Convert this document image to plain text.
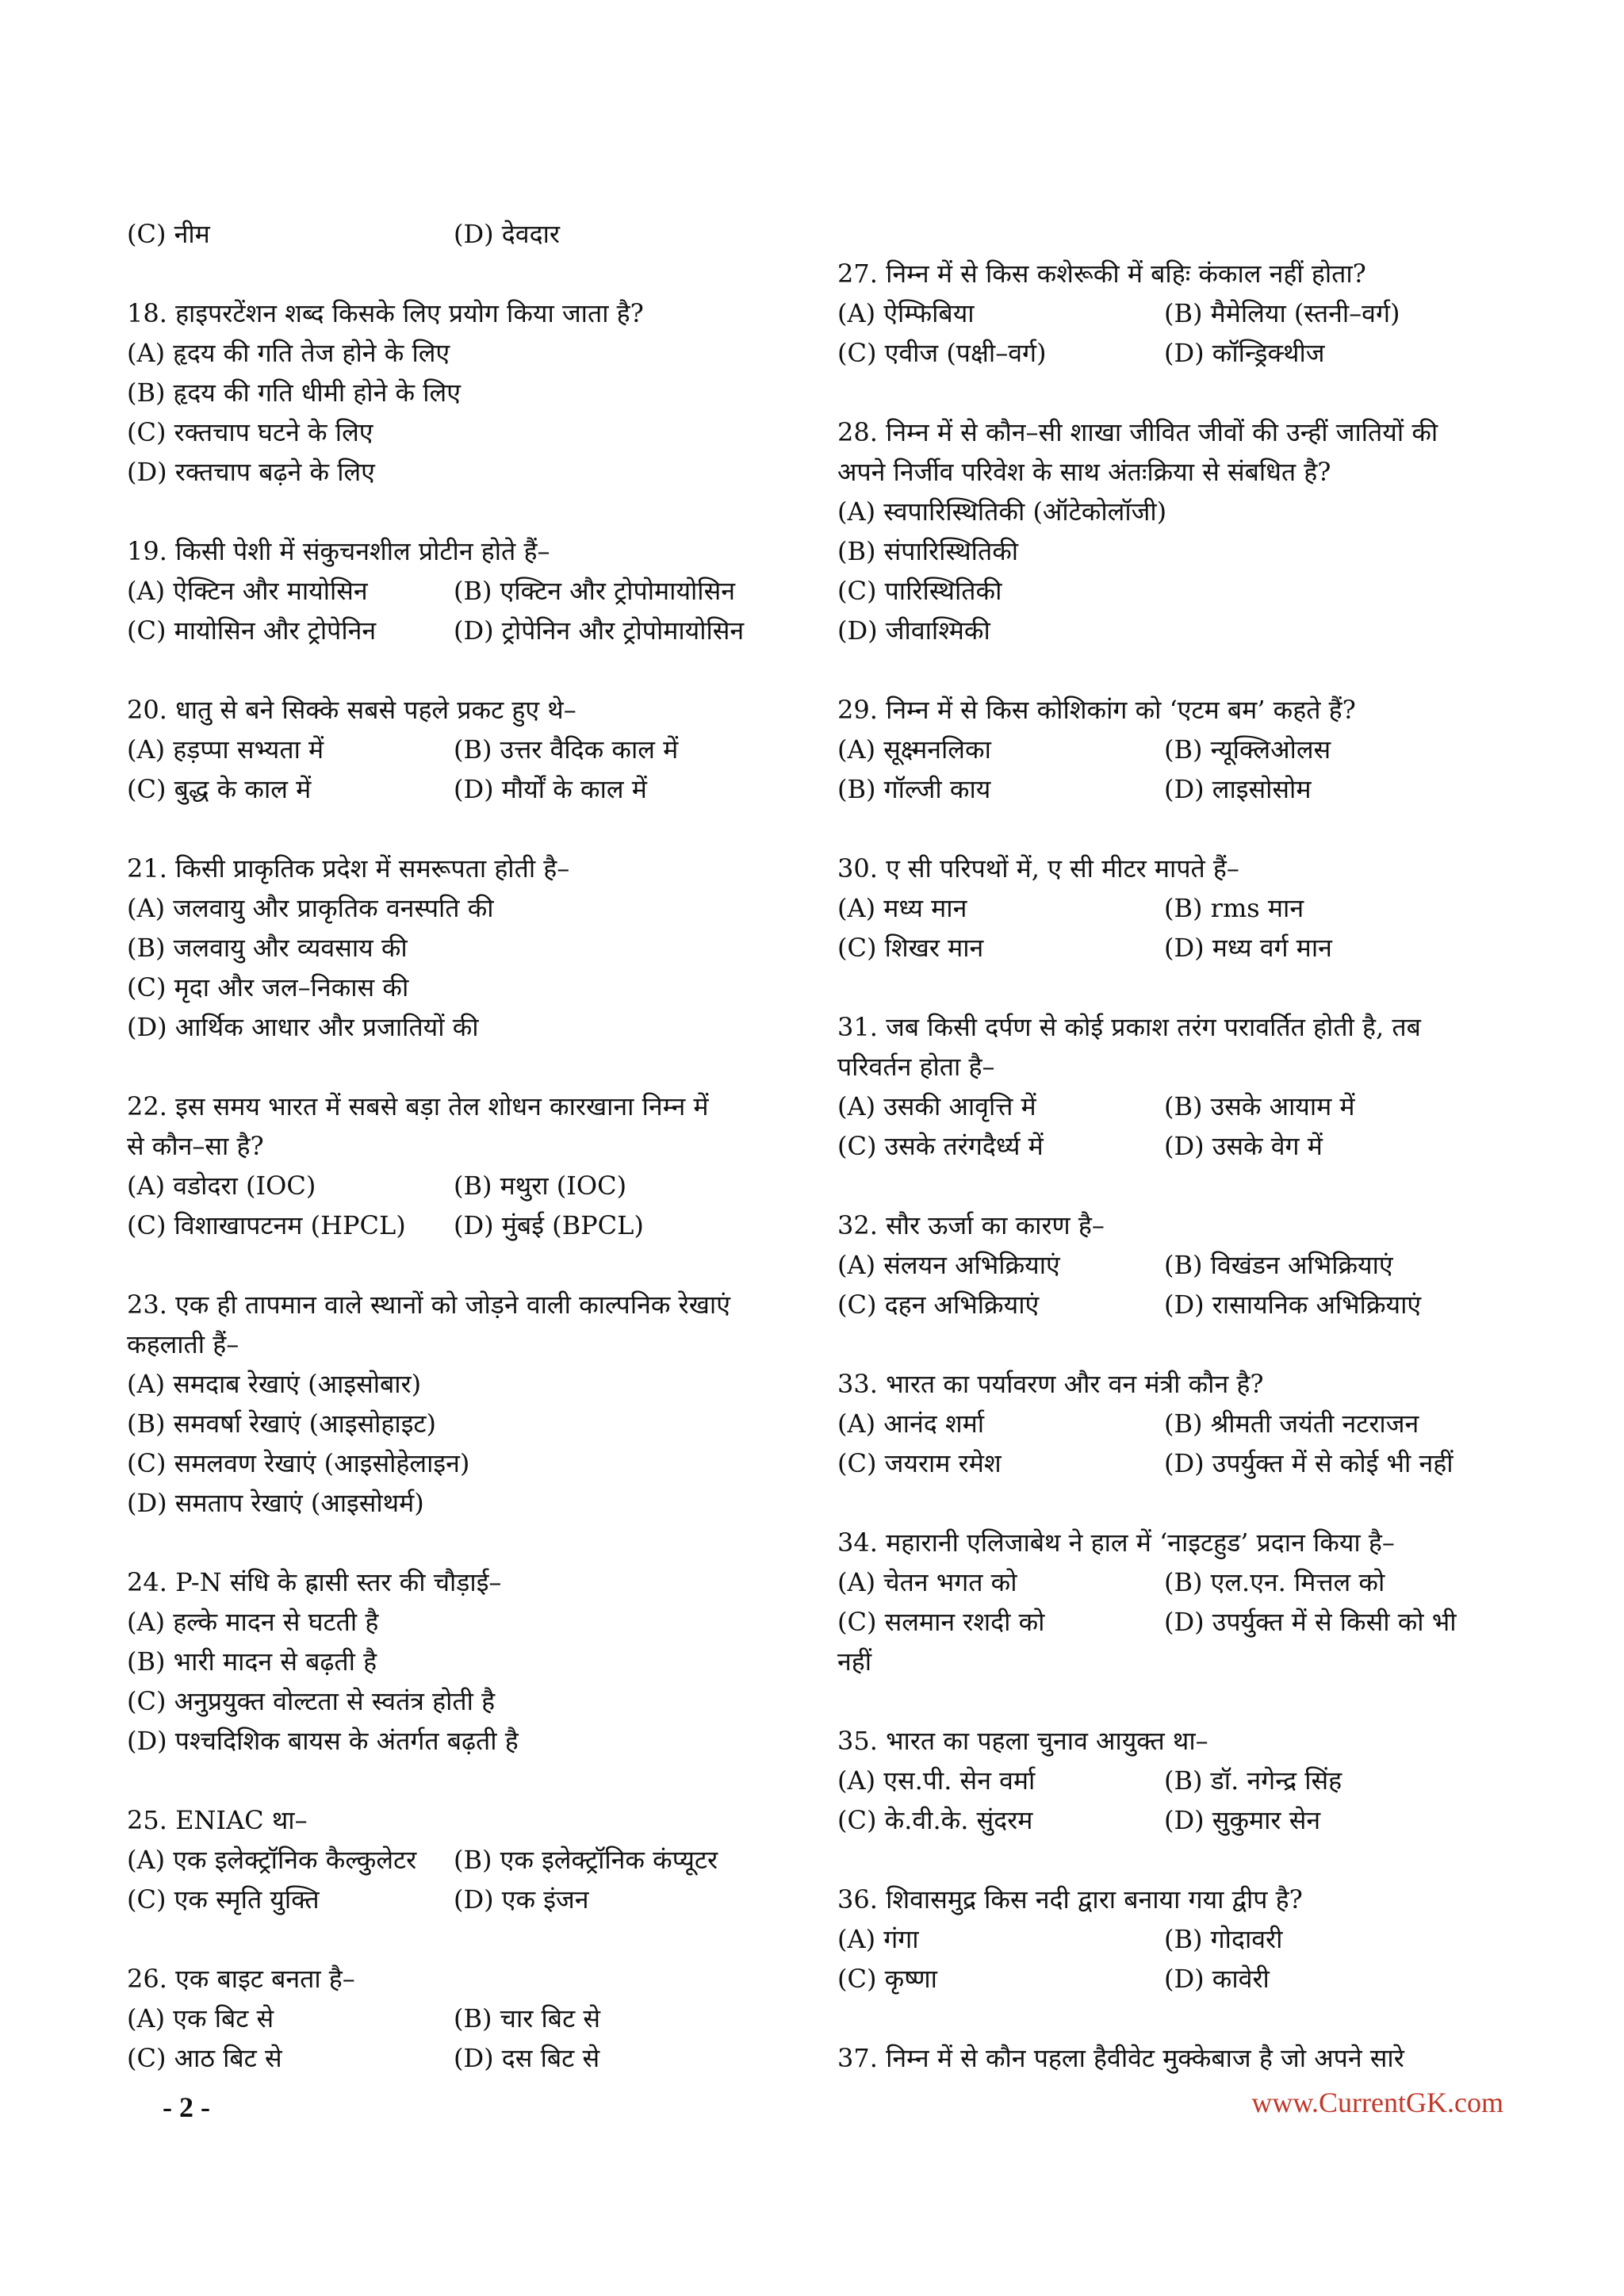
(C) नीम	(D) देवदार
18. हाइपरटेंशन शब्द किसके लिए प्रयोग किया जाता है?
(A) हृदय की गति तेज होने के लिए
(B) हृदय की गति धीमी होने के लिए
(C) रक्तचाप घटने के लिए
(D) रक्तचाप बढ़ने के लिए
19. किसी पेशी में संकुचनशील प्रोटीन होते हैं–
(A) ऐक्टिन और मायोसिन	(B) एक्टिन और ट्रोपोमायोसिन
(C) मायोसिन और ट्रोपेनिन	(D) ट्रोपेनिन और ट्रोपोमायोसिन
20. धातु से बने सिक्के सबसे पहले प्रकट हुए थे–
(A) हड़प्पा सभ्यता में	(B) उत्तर वैदिक काल में
(C) बुद्ध के काल में	(D) मौर्यों के काल में
21. किसी प्राकृतिक प्रदेश में समरूपता होती है–
(A) जलवायु और प्राकृतिक वनस्पति की
(B) जलवायु और व्यवसाय की
(C) मृदा और जल–निकास की
(D) आर्थिक आधार और प्रजातियों की
22. इस समय भारत में सबसे बड़ा तेल शोधन कारखाना निम्न में
से कौन–सा है?
(A) वडोदरा (IOC)	(B) मथुरा (IOC)
(C) विशाखापटनम (HPCL)	(D) मुंबई (BPCL)
23. एक ही तापमान वाले स्थानों को जोड़ने वाली काल्पनिक रेखाएं
कहलाती हैं–
(A) समदाब रेखाएं (आइसोबार)
(B) समवर्षा रेखाएं (आइसोहाइट)
(C) समलवण रेखाएं (आइसोहेलाइन)
(D) समताप रेखाएं (आइसोथर्म)
24. P-N संधि के ह्रासी स्तर की चौड़ाई–
(A) हल्के मादन से घटती है
(B) भारी मादन से बढ़ती है
(C) अनुप्रयुक्त वोल्टता से स्वतंत्र होती है
(D) पश्चदिशिक बायस के अंतर्गत बढ़ती है
25. ENIAC था–
(A) एक इलेक्ट्रॉनिक कैल्कुलेटर	(B) एक इलेक्ट्रॉनिक कंप्यूटर
(C) एक स्मृति युक्ति	(D) एक इंजन
26. एक बाइट बनता है–
(A) एक बिट से	(B) चार बिट से
(C) आठ बिट से	(D) दस बिट से
27. निम्न में से किस कशेरूकी में बहिः कंकाल नहीं होता?
(A) ऐम्फिबिया	(B) मैमेलिया (स्तनी–वर्ग)
(C) एवीज (पक्षी–वर्ग)	(D) कॉन्ड्रिक्थीज
28. निम्न में से कौन–सी शाखा जीवित जीवों की उन्हीं जातियों की
अपने निर्जीव परिवेश के साथ अंतःक्रिया से संबधित है?
(A) स्वपारिस्थितिकी (ऑटेकोलॉजी)
(B) संपारिस्थितिकी
(C) पारिस्थितिकी
(D) जीवाश्मिकी
29. निम्न में से किस कोशिकांग को ‘एटम बम’ कहते हैं?
(A) सूक्ष्मनलिका	(B) न्यूक्लिओलस
(B) गॉल्जी काय	(D) लाइसोसोम
30. ए सी परिपथों में, ए सी मीटर मापते हैं–
(A) मध्य मान	(B) rms मान
(C) शिखर मान	(D) मध्य वर्ग मान
31. जब किसी दर्पण से कोई प्रकाश तरंग परावर्तित होती है, तब
परिवर्तन होता है–
(A) उसकी आवृत्ति में	(B) उसके आयाम में
(C) उसके तरंगदैर्ध्य में	(D) उसके वेग में
32. सौर ऊर्जा का कारण है–
(A) संलयन अभिक्रियाएं	(B) विखंडन अभिक्रियाएं
(C) दहन अभिक्रियाएं	(D) रासायनिक अभिक्रियाएं
33. भारत का पर्यावरण और वन मंत्री कौन है?
(A) आनंद शर्मा	(B) श्रीमती जयंती नटराजन
(C) जयराम रमेश	(D) उपर्युक्त में से कोई भी नहीं
34. महारानी एलिजाबेथ ने हाल में ‘नाइटहुड’ प्रदान किया है–
(A) चेतन भगत को	(B) एल.एन. मित्तल को
(C) सलमान रशदी को	(D) उपर्युक्त में से किसी को भी
नहीं
35. भारत का पहला चुनाव आयुक्त था–
(A) एस.पी. सेन वर्मा	(B) डॉ. नगेन्द्र सिंह
(C) के.वी.के. सुंदरम	(D) सुकुमार सेन
36. शिवासमुद्र किस नदी द्वारा बनाया गया द्वीप है?
(A) गंगा	(B) गोदावरी
(C) कृष्णा	(D) कावेरी
37. निम्न में से कौन पहला हैवीवेट मुक्केबाज है जो अपने सारे
- 2 -	www.CurrentGK.com
